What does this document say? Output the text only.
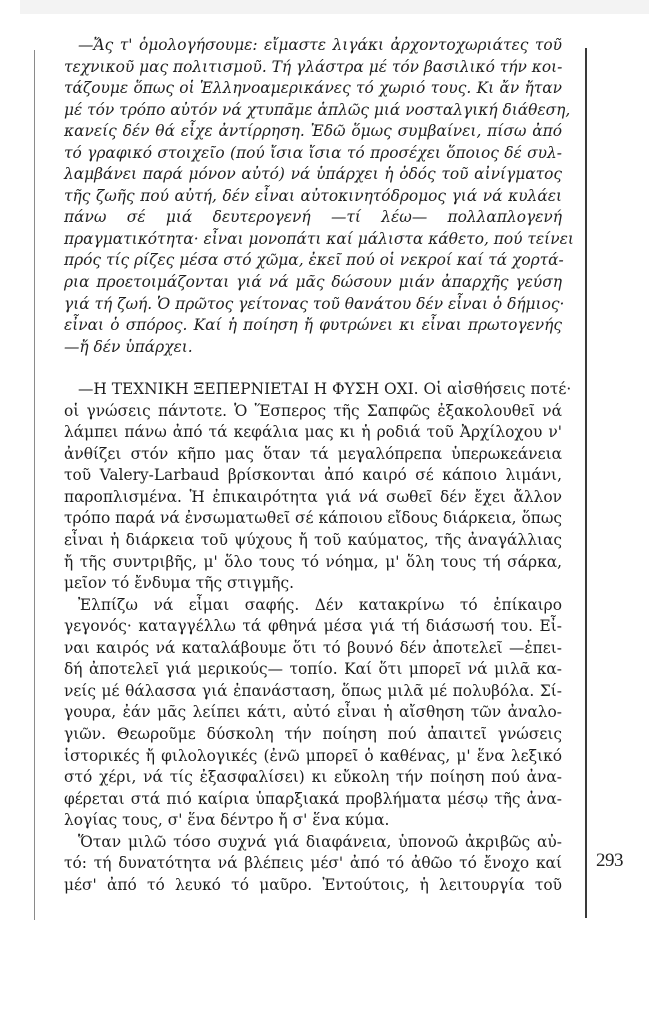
293
—Ἄς τ' ὁμολογήσουμε: εἴμαστε λιγάκι ἀρχοντοχωριάτες τοῦ
τεχνικοῦ μας πολιτισμοῦ. Τή γλάστρα μέ τόν βασιλικό τήν κοι-
τάζουμε ὅπως οἱ Ἑλληνοαμερικάνες τό χωριό τους. Κι ἄν ἤταν
μέ τόν τρόπο αὐτόν νά χτυπᾶμε ἁπλῶς μιά νοσταλγική διάθεση,
κανείς δέν θά εἶχε ἀντίρρηση. Ἐδῶ ὅμως συμβαίνει, πίσω ἀπό
τό γραφικό στοιχεῖο (πού ἴσια ἴσια τό προσέχει ὅποιος δέ συλ-
λαμβάνει παρά μόνον αὐτό) νά ὑπάρχει ἡ ὁδός τοῦ αἰνίγματος
τῆς ζωῆς πού αὐτή, δέν εἶναι αὐτοκινητόδρομος γιά νά κυλάει
πάνω σέ μιά δευτερογενή —τί λέω— πολλαπλογενή
πραγματικότητα· εἶναι μονοπάτι καί μάλιστα κάθετο, πού τείνει
πρός τίς ρίζες μέσα στό χῶμα, ἐκεῖ πού οἱ νεκροί καί τά χορτά-
ρια προετοιμάζονται γιά νά μᾶς δώσουν μιάν ἀπαρχῆς γεύση
γιά τή ζωή. Ὁ πρῶτος γείτονας τοῦ θανάτου δέν εἶναι ὁ δήμιος·
εἶναι ὁ σπόρος. Καί ἡ ποίηση ἤ φυτρώνει κι εἶναι πρωτογενής
—ἤ δέν ὑπάρχει.
—Η ΤΕΧΝΙΚΗ ΞΕΠΕΡΝΙΕΤΑΙ Η ΦΥΣΗ ΟΧΙ. Οἱ αἰσθήσεις ποτέ·
οἱ γνώσεις πάντοτε. Ὁ Ἕσπερος τῆς Σαπφῶς ἐξακολουθεῖ νά
λάμπει πάνω ἀπό τά κεφάλια μας κι ἡ ροδιά τοῦ Ἀρχίλοχου ν'
ἀνθίζει στόν κῆπο μας ὅταν τά μεγαλόπρεπα ὑπερωκεάνεια
τοῦ Valery-Larbaud βρίσκονται ἀπό καιρό σέ κάποιο λιμάνι,
παροπλισμένα. Ἡ ἐπικαιρότητα γιά νά σωθεῖ δέν ἔχει ἄλλον
τρόπο παρά νά ἐνσωματωθεῖ σέ κάποιου εἴδους διάρκεια, ὅπως
εἶναι ἡ διάρκεια τοῦ ψύχους ἤ τοῦ καύματος, τῆς ἀναγάλλιας
ἤ τῆς συντριβῆς, μ' ὅλο τους τό νόημα, μ' ὅλη τους τή σάρκα,
μεῖον τό ἔνδυμα τῆς στιγμῆς.
Ἐλπίζω νά εἶμαι σαφής. Δέν κατακρίνω τό ἐπίκαιρο
γεγονός· καταγγέλλω τά φθηνά μέσα γιά τή διάσωσή του. Εἶ-
ναι καιρός νά καταλάβουμε ὅτι τό βουνό δέν ἀποτελεῖ —ἐπει-
δή ἀποτελεῖ γιά μερικούς— τοπίο. Καί ὅτι μπορεῖ νά μιλᾶ κα-
νείς μέ θάλασσα γιά ἐπανάσταση, ὅπως μιλᾶ μέ πολυβόλα. Σί-
γουρα, ἐάν μᾶς λείπει κάτι, αὐτό εἶναι ἡ αἴσθηση τῶν ἀναλο-
γιῶν. Θεωροῦμε δύσκολη τήν ποίηση πού ἀπαιτεῖ γνώσεις
ἱστορικές ἤ φιλολογικές (ἐνῶ μπορεῖ ὁ καθένας, μ' ἕνα λεξικό
στό χέρι, νά τίς ἐξασφαλίσει) κι εὔκολη τήν ποίηση πού ἀνα-
φέρεται στά πιό καίρια ὑπαρξιακά προβλήματα μέσῳ τῆς ἀνα-
λογίας τους, σ' ἕνα δέντρο ἤ σ' ἕνα κύμα.
Ὅταν μιλῶ τόσο συχνά γιά διαφάνεια, ὑπονοῶ ἀκριβῶς αὐ-
τό: τή δυνατότητα νά βλέπεις μέσ' ἀπό τό ἀθῶο τό ἔνοχο καί
μέσ' ἀπό τό λευκό τό μαῦρο. Ἐντούτοις, ἡ λειτουργία τοῦ
